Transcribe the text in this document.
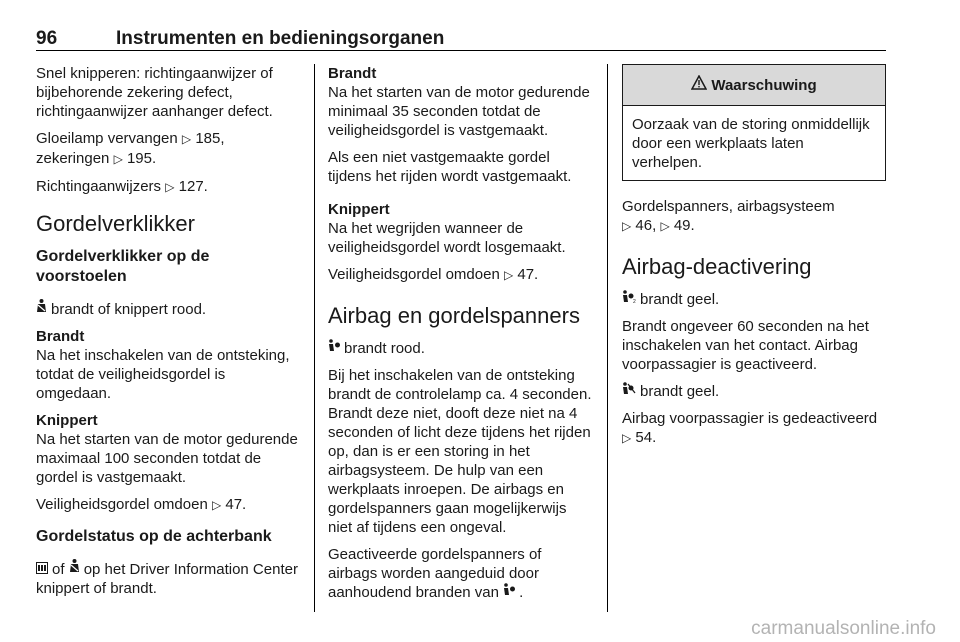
96	Instrumenten en bedieningsorganen

Snel knipperen: richtingaanwijzer of bijbehorende zekering defect, richtingaanwijzer aanhanger defect.

Gloeilamp vervangen ▷ 185, zekeringen ▷ 195.

Richtingaanwijzers ▷ 127.

Gordelverklikker
Gordelverklikker op de voorstoelen

brandt of knippert rood.

Brandt
Na het inschakelen van de ontsteking, totdat de veiligheidsgordel is omgedaan.

Knippert
Na het starten van de motor gedurende maximaal 100 seconden totdat de gordel is vastgemaakt.

Veiligheidsgordel omdoen ▷ 47.

Gordelstatus op de achterbank

of op het Driver Information Center knippert of brandt.

Brandt
Na het starten van de motor gedurende minimaal 35 seconden totdat de veiligheidsgordel is vastgemaakt.

Als een niet vastgemaakte gordel tijdens het rijden wordt vastgemaakt.

Knippert
Na het wegrijden wanneer de veiligheidsgordel wordt losgemaakt.

Veiligheidsgordel omdoen ▷ 47.

Airbag en gordelspanners

brandt rood.

Bij het inschakelen van de ontsteking brandt de controlelamp ca. 4 seconden. Brandt deze niet, dooft deze niet na 4 seconden of licht deze tijdens het rijden op, dan is er een storing in het airbagsysteem. De hulp van een werkplaats inroepen. De airbags en gordelspanners gaan mogelijkerwijs niet af tijdens een ongeval.

Geactiveerde gordelspanners of airbags worden aangeduid door aanhoudend branden van .

Waarschuwing
Oorzaak van de storing onmiddellijk door een werkplaats laten verhelpen.

Gordelspanners, airbagsysteem
▷ 46, ▷ 49.

Airbag-deactivering

2 brandt geel.

Brandt ongeveer 60 seconden na het inschakelen van het contact. Airbag voorpassagier is geactiveerd.

brandt geel.

Airbag voorpassagier is gedeactiveerd ▷ 54.

carmanualsonline.info
